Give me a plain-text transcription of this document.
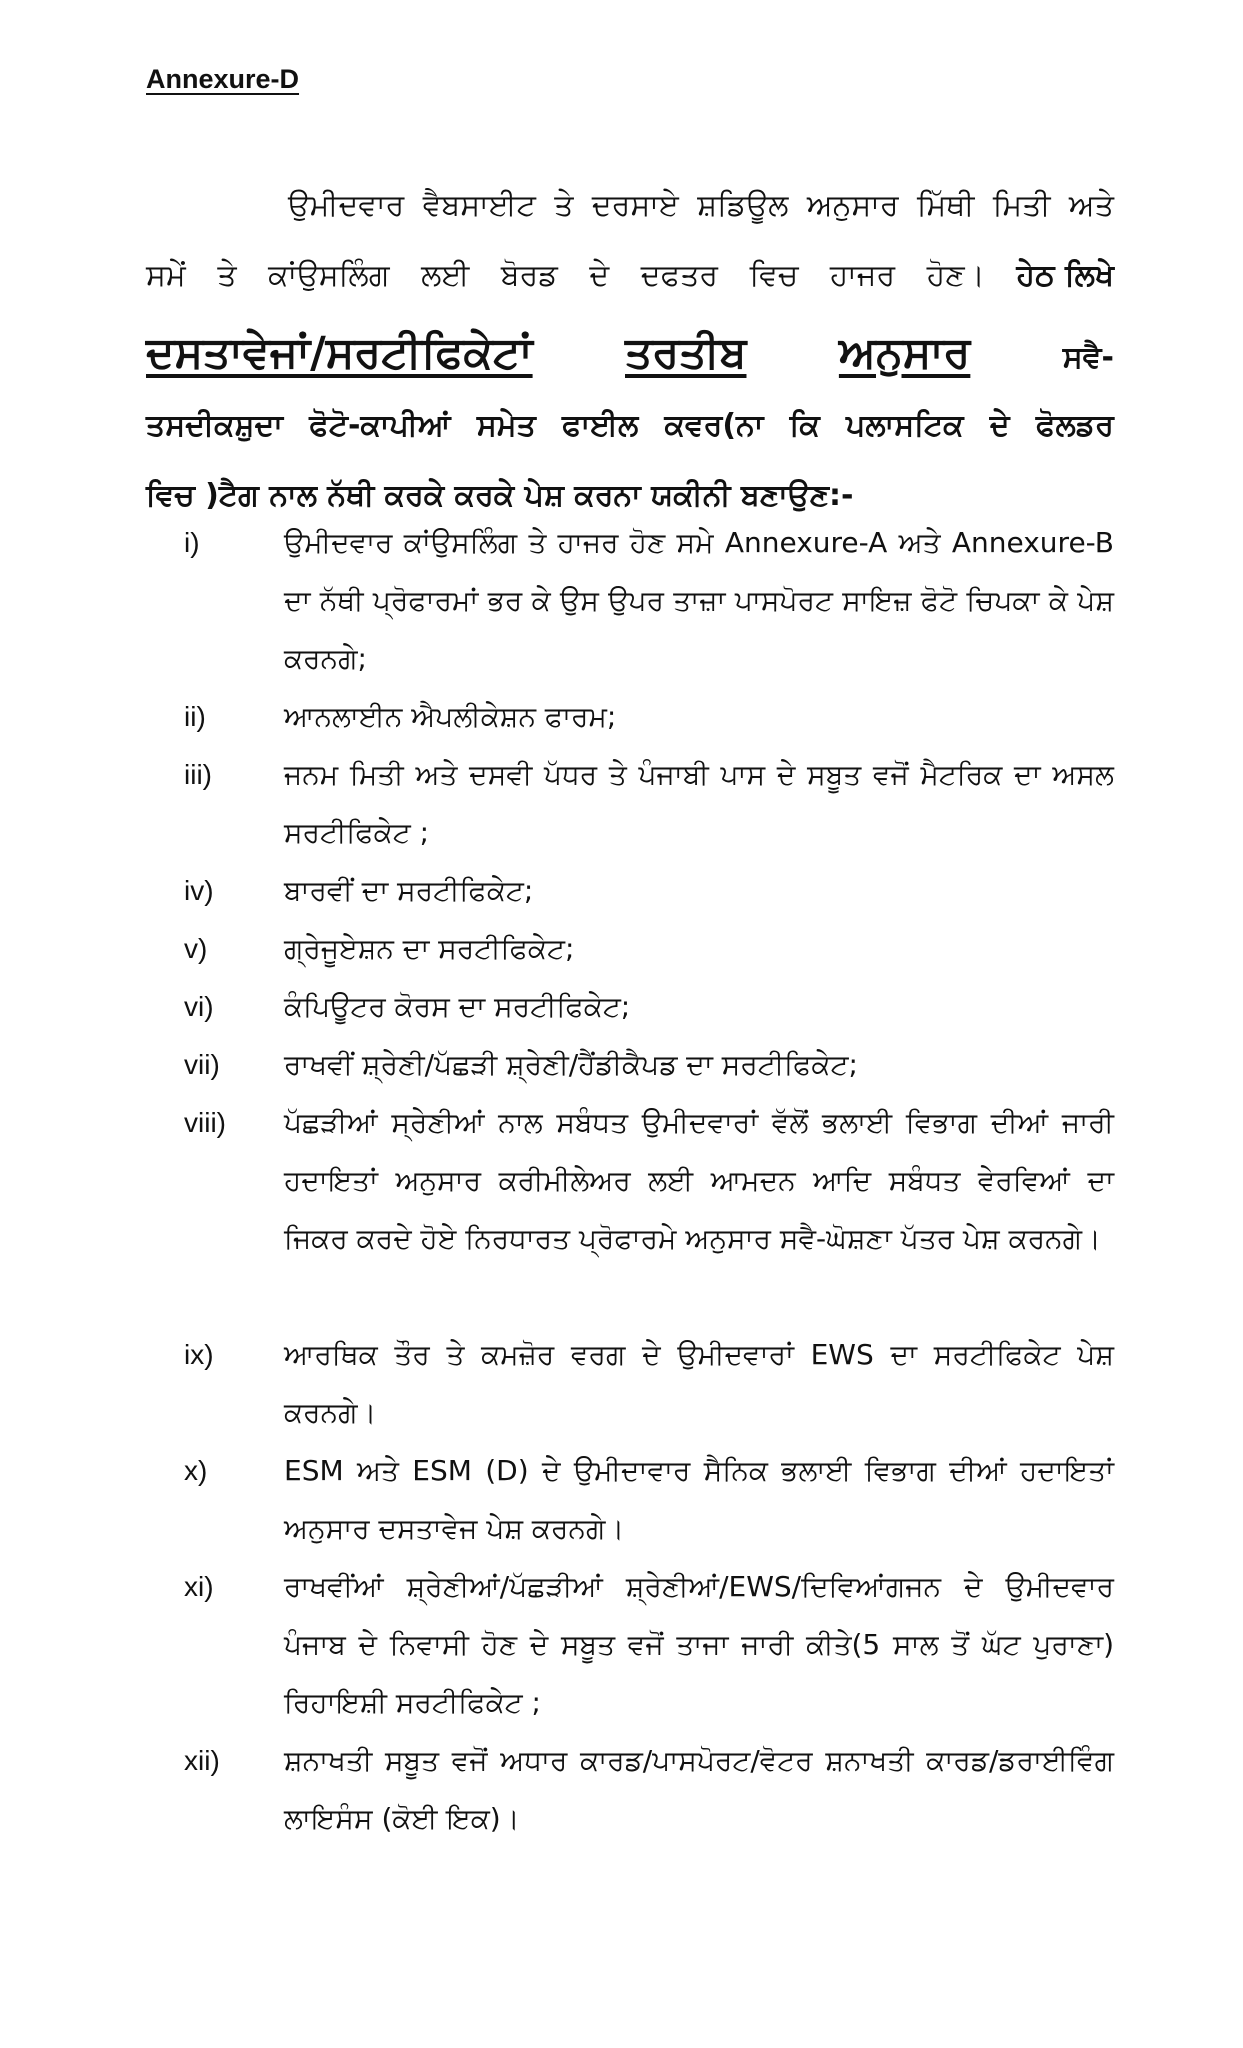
Annexure-D
ਉਮੀਦਵਾਰ ਵੈਬਸਾਈਟ ਤੇ ਦਰਸਾਏ ਸ਼ਡਿਊਲ ਅਨੁਸਾਰ ਮਿੱਥੀ ਮਿਤੀ ਅਤੇ
ਸਮੇਂ ਤੇ ਕਾਂਉਸਲਿੰਗ ਲਈ ਬੋਰਡ ਦੇ ਦਫਤਰ ਵਿਚ ਹਾਜਰ ਹੋਣ। ਹੇਠ ਲਿਖੇ
ਦਸਤਾਵੇਜਾਂ/ਸਰਟੀਫਿਕੇਟਾਂ ਤਰਤੀਬ ਅਨੁਸਾਰ	ਸਵੈ-
ਤਸਦੀਕਸ਼ੁਦਾ ਫੋਟੋ-ਕਾਪੀਆਂ ਸਮੇਤ ਫਾਈਲ ਕਵਰ(ਨਾ ਕਿ ਪਲਾਸਟਿਕ ਦੇ ਫੋਲਡਰ
ਵਿਚ )ਟੈਗ ਨਾਲ ਨੱਥੀ ਕਰਕੇ ਕਰਕੇ ਪੇਸ਼ ਕਰਨਾ ਯਕੀਨੀ ਬਣਾਉਣ:-
i)	ਉਮੀਦਵਾਰ ਕਾਂਉਸਲਿੰਗ ਤੇ ਹਾਜਰ ਹੋਣ ਸਮੇ Annexure-A ਅਤੇ Annexure-B ਦਾ ਨੱਥੀ ਪ੍ਰੋਫਾਰਮਾਂ ਭਰ ਕੇ ਉਸ ਉਪਰ ਤਾਜ਼ਾ ਪਾਸਪੋਰਟ ਸਾਇਜ਼ ਫੋਟੋ ਚਿਪਕਾ ਕੇ ਪੇਸ਼ ਕਰਨਗੇ;

ii)	ਆਨਲਾਈਨ ਐਪਲੀਕੇਸ਼ਨ ਫਾਰਮ;

iii)	ਜਨਮ ਮਿਤੀ ਅਤੇ ਦਸਵੀ ਪੱਧਰ ਤੇ ਪੰਜਾਬੀ ਪਾਸ ਦੇ ਸਬੂਤ ਵਜੋਂ ਮੈਟਰਿਕ ਦਾ ਅਸਲ ਸਰਟੀਫਿਕੇਟ ;

iv)	ਬਾਰਵੀਂ ਦਾ ਸਰਟੀਫਿਕੇਟ;

v)	ਗ੍ਰੇਜੂਏਸ਼ਨ ਦਾ ਸਰਟੀਫਿਕੇਟ;

vi)	ਕੰਪਿਊਟਰ ਕੋਰਸ ਦਾ ਸਰਟੀਫਿਕੇਟ;

vii) ਰਾਖਵੀਂ ਸ਼੍ਰੇਣੀ/ਪੱਛੜੀ ਸ਼੍ਰੇਣੀ/ਹੈਂਡੀਕੈਪਡ ਦਾ ਸਰਟੀਫਿਕੇਟ;

viii) ਪੱਛੜੀਆਂ ਸ੍ਰੇਣੀਆਂ ਨਾਲ ਸਬੰਧਤ ਉਮੀਦਵਾਰਾਂ ਵੱਲੋਂ ਭਲਾਈ ਵਿਭਾਗ ਦੀਆਂ ਜਾਰੀ ਹਦਾਇਤਾਂ ਅਨੁਸਾਰ ਕਰੀਮੀਲੇਅਰ ਲਈ ਆਮਦਨ ਆਦਿ ਸਬੰਧਤ ਵੇਰਵਿਆਂ ਦਾ ਜਿਕਰ ਕਰਦੇ ਹੋਏ ਨਿਰਧਾਰਤ ਪ੍ਰੋਫਾਰਮੇ ਅਨੁਸਾਰ ਸਵੈ-ਘੋਸ਼ਣਾ ਪੱਤਰ ਪੇਸ਼ ਕਰਨਗੇ।

ix)	ਆਰਥਿਕ ਤੌਰ ਤੇ ਕਮਜ਼ੋਰ ਵਰਗ ਦੇ ਉਮੀਦਵਾਰਾਂ EWS ਦਾ ਸਰਟੀਫਿਕੇਟ ਪੇਸ਼ ਕਰਨਗੇ।

x)	ESM ਅਤੇ ESM (D) ਦੇ ਉਮੀਦਾਵਾਰ ਸੈਨਿਕ ਭਲਾਈ ਵਿਭਾਗ ਦੀਆਂ ਹਦਾਇਤਾਂ ਅਨੁਸਾਰ ਦਸਤਾਵੇਜ ਪੇਸ਼ ਕਰਨਗੇ।

xi)	ਰਾਖਵੀਂਆਂ ਸ਼੍ਰੇਣੀਆਂ/ਪੱਛੜੀਆਂ ਸ਼੍ਰੇਣੀਆਂ/EWS/ਦਿਵਿਆਂਗਜਨ ਦੇ ਉਮੀਦਵਾਰ ਪੰਜਾਬ ਦੇ ਨਿਵਾਸੀ ਹੋਣ ਦੇ ਸਬੂਤ ਵਜੋਂ ਤਾਜਾ ਜਾਰੀ ਕੀਤੇ(5 ਸਾਲ ਤੋਂ ਘੱਟ ਪੁਰਾਣਾ) ਰਿਹਾਇਸ਼ੀ ਸਰਟੀਫਿਕੇਟ ;

xii) ਸ਼ਨਾਖਤੀ ਸਬੂਤ ਵਜੋਂ ਅਧਾਰ ਕਾਰਡ/ਪਾਸਪੋਰਟ/ਵੋਟਰ ਸ਼ਨਾਖਤੀ ਕਾਰਡ/ਡਰਾਈਵਿੰਗ ਲਾਇਸੰਸ (ਕੋਈ ਇਕ)।
